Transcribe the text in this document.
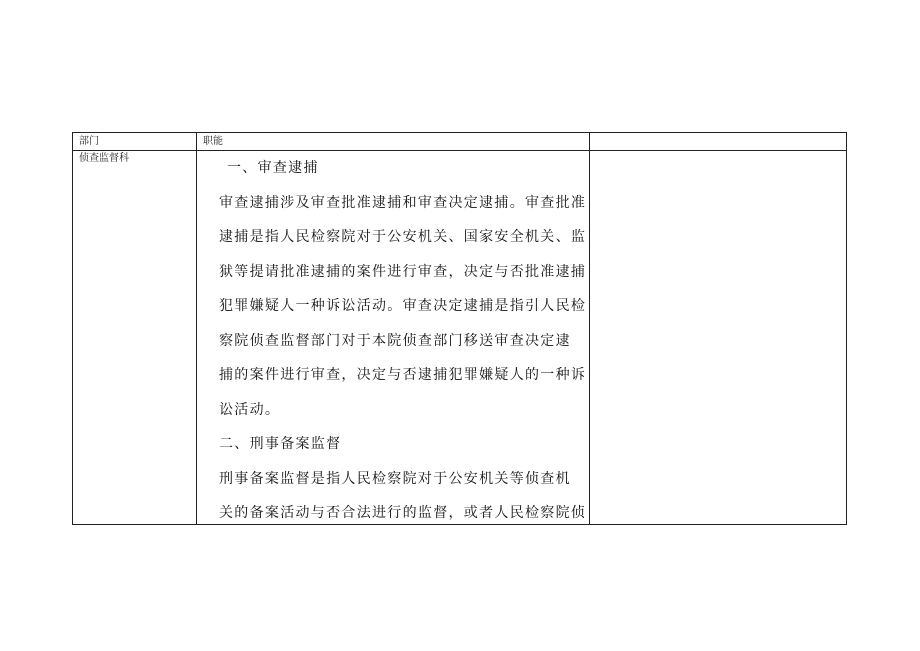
部门	职能
侦查监督科

一、审查逮捕

审查逮捕涉及审查批准逮捕和审查决定逮捕。审查批准

逮捕是指人民检察院对于公安机关、国家安全机关、监

狱等提请批准逮捕的案件进行审查，决定与否批准逮捕

犯罪嫌疑人一种诉讼活动。审查决定逮捕是指引人民检

察院侦查监督部门对于本院侦查部门移送审查决定逮

捕的案件进行审查，决定与否逮捕犯罪嫌疑人的一种诉

讼活动。

二、刑事备案监督

刑事备案监督是指人民检察院对于公安机关等侦查机

关的备案活动与否合法进行的监督，或者人民检察院侦
